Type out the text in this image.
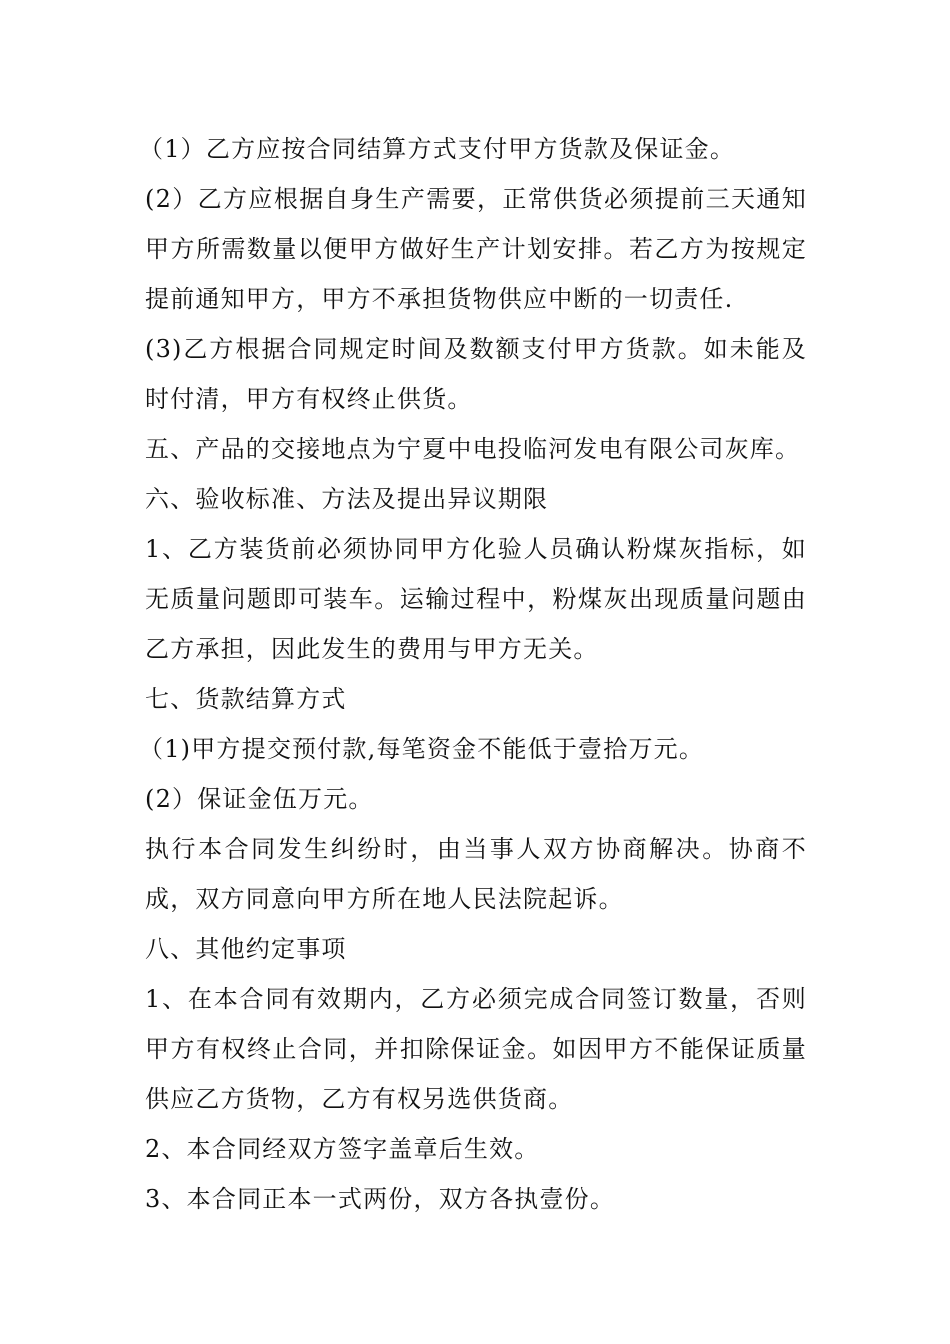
（1）乙方应按合同结算方式支付甲方货款及保证金。

(2）乙方应根据自身生产需要，正常供货必须提前三天通知甲方所需数量以便甲方做好生产计划安排。若乙方为按规定提前通知甲方，甲方不承担货物供应中断的一切责任.

(3)乙方根据合同规定时间及数额支付甲方货款。如未能及时付清，甲方有权终止供货。

五、产品的交接地点为宁夏中电投临河发电有限公司灰库。

六、验收标准、方法及提出异议期限

1、乙方装货前必须协同甲方化验人员确认粉煤灰指标，如无质量问题即可装车。运输过程中，粉煤灰出现质量问题由乙方承担，因此发生的费用与甲方无关。

七、货款结算方式

（1)甲方提交预付款,每笔资金不能低于壹拾万元。

(2）保证金伍万元。

执行本合同发生纠纷时，由当事人双方协商解决。协商不成，双方同意向甲方所在地人民法院起诉。

八、其他约定事项

1、在本合同有效期内，乙方必须完成合同签订数量，否则甲方有权终止合同，并扣除保证金。如因甲方不能保证质量供应乙方货物，乙方有权另选供货商。

2、本合同经双方签字盖章后生效。

3、本合同正本一式两份，双方各执壹份。
